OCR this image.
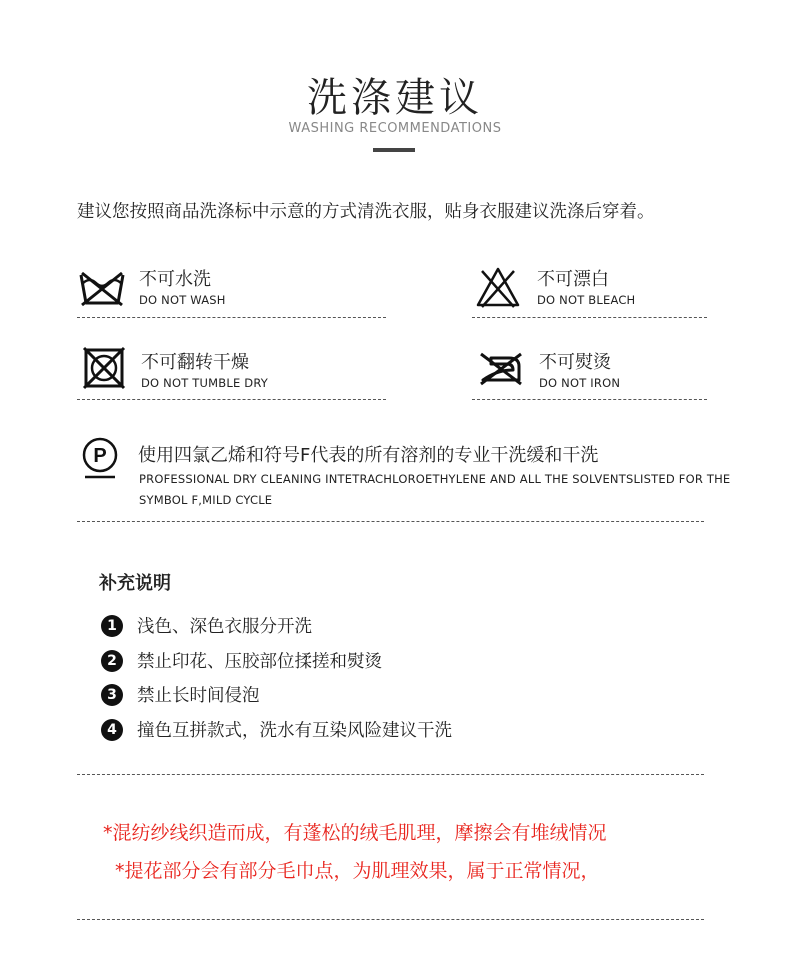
洗涤建议
WASHING RECOMMENDATIONS
建议您按照商品洗涤标中示意的方式清洗衣服，贴身衣服建议洗涤后穿着。
不可水洗
DO NOT WASH
不可漂白
DO NOT BLEACH
不可翻转干燥
DO NOT TUMBLE DRY
不可熨烫
DO NOT IRON
P	使用四氯乙烯和符号F代表的所有溶剂的专业干洗缓和干洗
PROFESSIONAL DRY CLEANING INTETRACHLOROETHYLENE AND ALL THE SOLVENTSLISTED FOR THE
SYMBOL F,MILD CYCLE
补充说明
1	浅色、深色衣服分开洗
2	禁止印花、压胶部位揉搓和熨烫
3	禁止长时间侵泡
4	撞色互拼款式，洗水有互染风险建议干洗
*混纺纱线织造而成，有蓬松的绒毛肌理，摩擦会有堆绒情况
*提花部分会有部分毛巾点，为肌理效果，属于正常情况，
